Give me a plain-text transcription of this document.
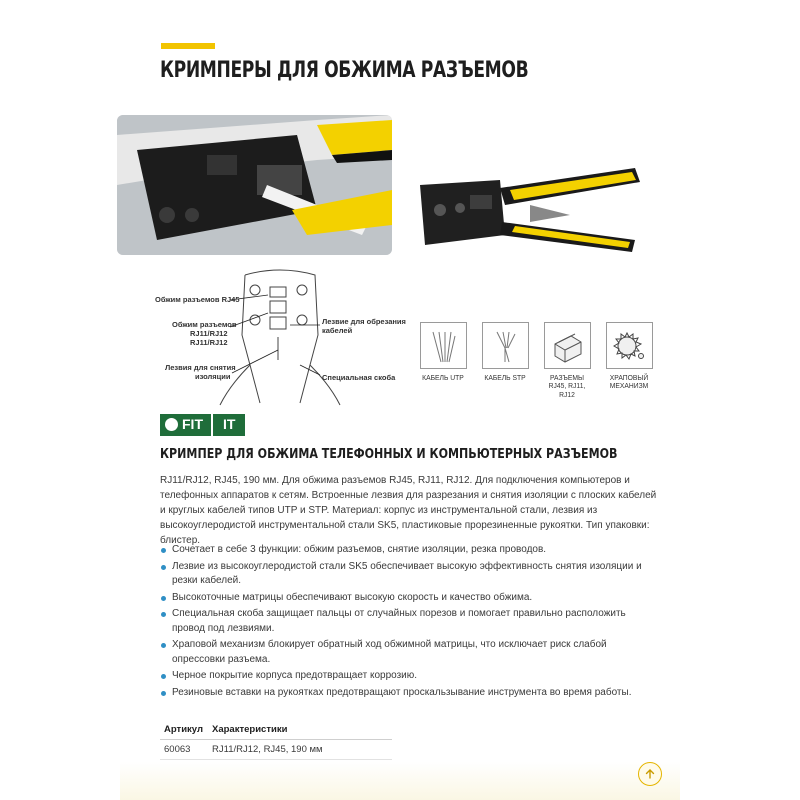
КРИМПЕРЫ ДЛЯ ОБЖИМА РАЗЪЕМОВ
Обжим разъемов RJ45
Обжим разъемов
RJ11/RJ12
RJ11/RJ12
Лезвия для снятия
изоляции
Лезвие для обрезания
кабелей
Специальная скоба	КАБЕЛЬ UTP	КАБЕЛЬ STP	РАЗЪЕМЫ RJ45, RJ11, RJ12
ХРАПОВЫЙ МЕХАНИЗМ
FIT	IT
КРИМПЕР ДЛЯ ОБЖИМА ТЕЛЕФОННЫХ И КОМПЬЮТЕРНЫХ РАЗЪЕМОВ

RJ11/RJ12, RJ45, 190 мм. Для обжима разъемов RJ45, RJ11, RJ12. Для подключения компьютеров и телефонных аппаратов к сетям. Встроенные лезвия для разрезания и снятия изоляции с плоских кабелей и круглых кабелей типов UTP и STP. Материал: корпус из инструментальной стали, лезвия из высокоуглеродистой инструментальной стали SK5, пластиковые прорезиненные рукоятки. Тип упаковки: блистер.

Сочетает в себе 3 функции: обжим разъемов, снятие изоляции, резка проводов.
Лезвие из высокоуглеродистой стали SK5 обеспечивает высокую эффективность снятия изоляции и резки кабелей.
Высокоточные матрицы обеспечивают высокую скорость и качество обжима.
Специальная скоба защищает пальцы от случайных порезов и помогает правильно расположить провод под лезвиями.
Храповой механизм блокирует обратный ход обжимной матрицы, что исключает риск слабой опрессовки разъема.
Черное покрытие корпуса предотвращает коррозию.
Резиновые вставки на рукоятках предотвращают проскальзывание инструмента во время работы.
Артикул	Характеристики
60063	RJ11/RJ12, RJ45, 190 мм
